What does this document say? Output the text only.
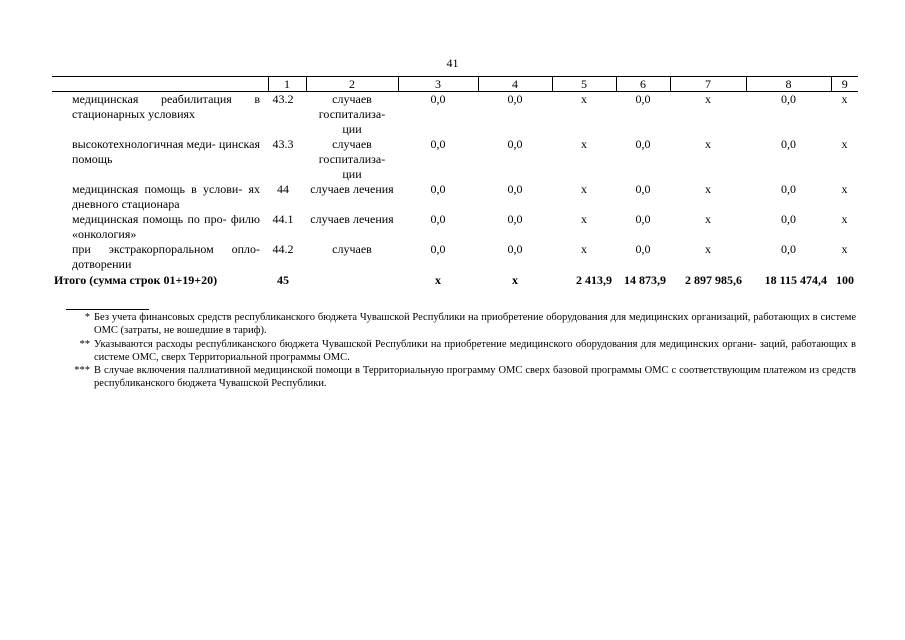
41
	1	2	3	4	5	6	7	8	9
медицинская реабилитация в стационарных условиях	43.2	случаев госпитализа- ции	0,0	0,0	х	0,0	х	0,0	х
высокотехнологичная меди- цинская помощь	43.3	случаев госпитализа- ции	0,0	0,0	х	0,0	х	0,0	х
медицинская помощь в услови- ях дневного стационара	44	случаев лечения	0,0	0,0	х	0,0	х	0,0	х
медицинская помощь по про- филю «онкология»	44.1	случаев лечения	0,0	0,0	х	0,0	х	0,0	х
при экстракорпоральном опло- дотворении	44.2	случаев	0,0	0,0	х	0,0	х	0,0	х
Итого (сумма строк 01+19+20)	45		х	х	2 413,9	14 873,9	2 897 985,6	18 115 474,4	100
* Без учета финансовых средств республиканского бюджета Чувашской Республики на приобретение оборудования для медицинских организаций, работающих в системе ОМС (затраты, не вошедшие в тариф).
** Указываются расходы республиканского бюджета Чувашской Республики на приобретение медицинского оборудования для медицинских органи- заций, работающих в системе ОМС, сверх Территориальной программы ОМС.
*** В случае включения паллиативной медицинской помощи в Территориальную программу ОМС сверх базовой программы ОМС с соответствующим платежом из средств республиканского бюджета Чувашской Республики.
